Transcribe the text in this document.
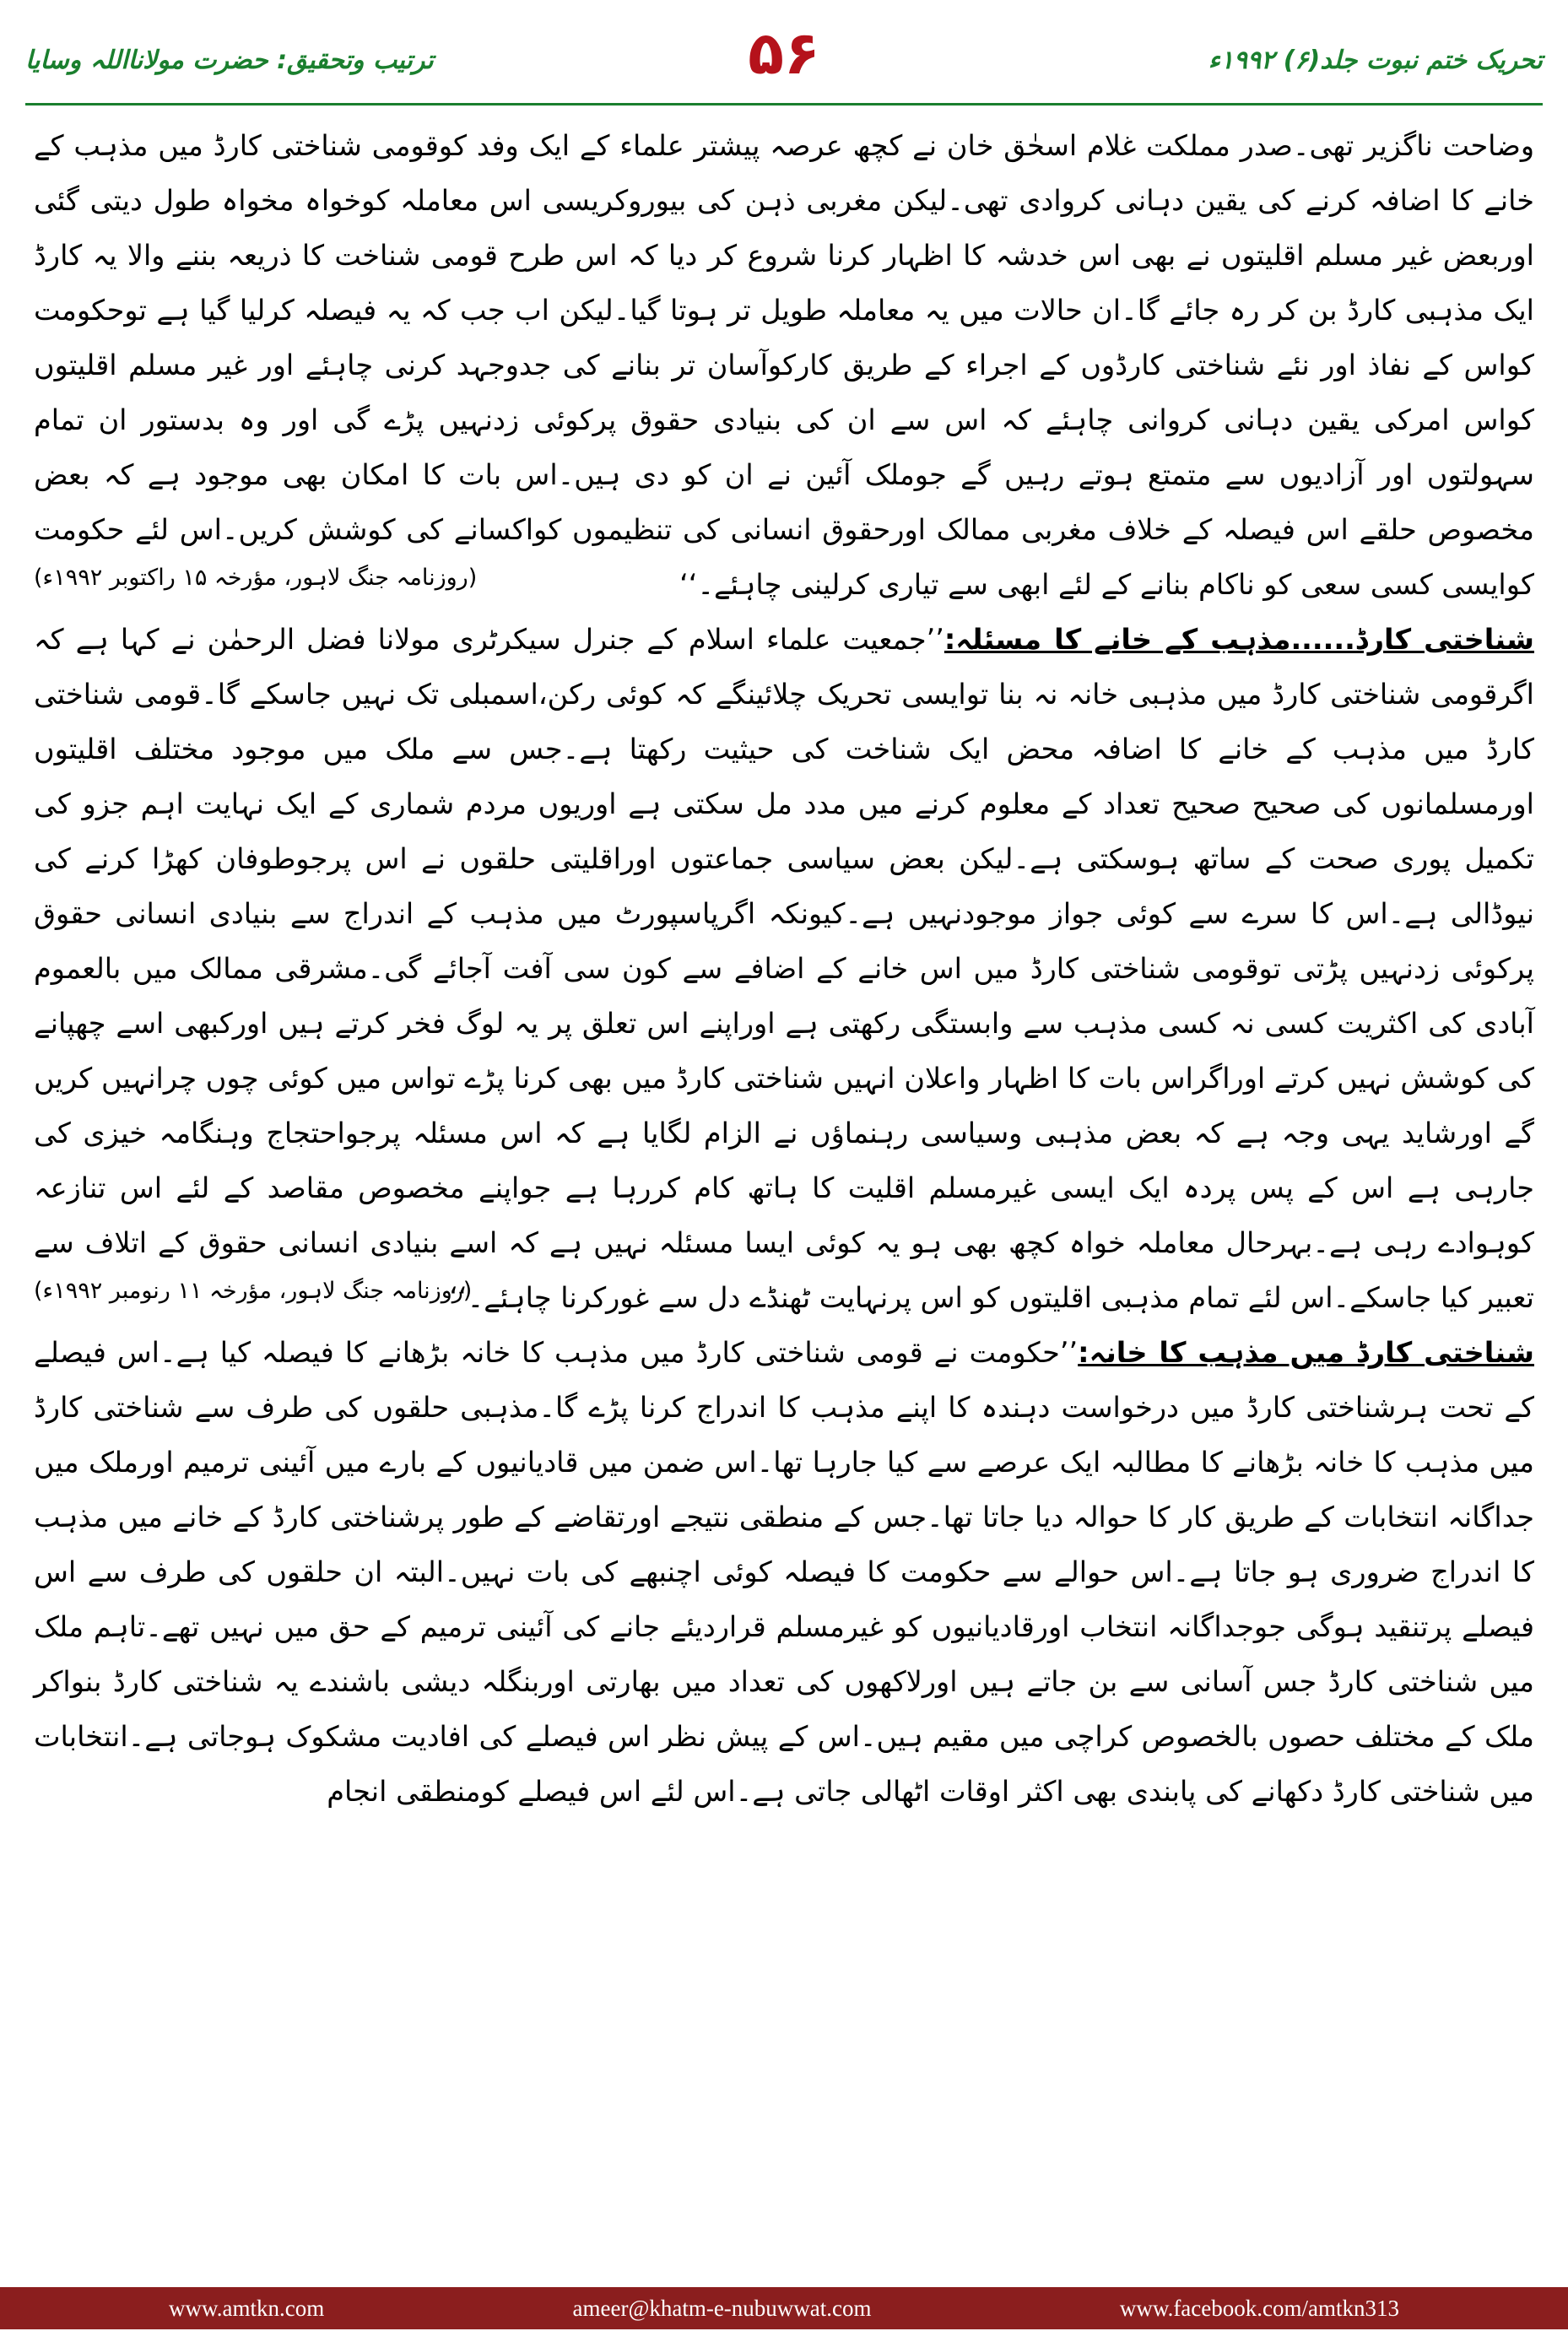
تحریک ختم نبوت جلد(۶) ۱۹۹۲ء
۵۶
ترتیب وتحقیق: حضرت مولانااللہ وسایا

وضاحت ناگزیر تھی۔صدر مملکت غلام اسحٰق خان نے کچھ عرصہ پیشتر علماء کے ایک وفد کوقومی شناختی کارڈ میں مذہب کے خانے کا اضافہ کرنے کی یقین دہانی کروادی تھی۔لیکن مغربی ذہن کی بیوروکریسی اس معاملہ کوخواہ مخواہ طول دیتی گئی اوربعض غیر مسلم اقلیتوں نے بھی اس خدشہ کا اظہار کرنا شروع کر دیا کہ اس طرح قومی شناخت کا ذریعہ بننے والا یہ کارڈ ایک مذہبی کارڈ بن کر رہ جائے گا۔ان حالات میں یہ معاملہ طویل تر ہوتا گیا۔لیکن اب جب کہ یہ فیصلہ کرلیا گیا ہے توحکومت کواس کے نفاذ اور نئے شناختی کارڈوں کے اجراء کے طریق کارکوآسان تر بنانے کی جدوجہد کرنی چاہئے اور غیر مسلم اقلیتوں کواس امرکی یقین دہانی کروانی چاہئے کہ اس سے ان کی بنیادی حقوق پرکوئی زدنہیں پڑے گی اور وہ بدستور ان تمام سہولتوں اور آزادیوں سے متمتع ہوتے رہیں گے جوملک آئین نے ان کو دی ہیں۔اس بات کا امکان بھی موجود ہے کہ بعض مخصوص حلقے اس فیصلہ کے خلاف مغربی ممالک اورحقوق انسانی کی تنظیموں کواکسانے کی کوشش کریں۔اس لئے حکومت کوایسی کسی سعی کو ناکام بنانے کے لئے ابھی سے تیاری کرلینی چاہئے۔‘‘

(روزنامہ جنگ لاہور، مؤرخہ ۱۵ راکتوبر ۱۹۹۲ء)

شناختی کارڈ......مذہب کے خانے کا مسئلہ:’’جمعیت علماء اسلام کے جنرل سیکرٹری مولانا فضل الرحمٰن نے کہا ہے کہ اگرقومی شناختی کارڈ میں مذہبی خانہ نہ بنا توایسی تحریک چلائینگے کہ کوئی رکن،اسمبلی تک نہیں جاسکے گا۔قومی شناختی کارڈ میں مذہب کے خانے کا اضافہ محض ایک شناخت کی حیثیت رکھتا ہے۔جس سے ملک میں موجود مختلف اقلیتوں اورمسلمانوں کی صحیح صحیح تعداد کے معلوم کرنے میں مدد مل سکتی ہے اوریوں مردم شماری کے ایک نہایت اہم جزو کی تکمیل پوری صحت کے ساتھ ہوسکتی ہے۔لیکن بعض سیاسی جماعتوں اوراقلیتی حلقوں نے اس پرجوطوفان کھڑا کرنے کی نیوڈالی ہے۔اس کا سرے سے کوئی جواز موجودنہیں ہے۔کیونکہ اگرپاسپورٹ میں مذہب کے اندراج سے بنیادی انسانی حقوق پرکوئی زدنہیں پڑتی توقومی شناختی کارڈ میں اس خانے کے اضافے سے کون سی آفت آجائے گی۔مشرقی ممالک میں بالعموم آبادی کی اکثریت کسی نہ کسی مذہب سے وابستگی رکھتی ہے اوراپنے اس تعلق پر یہ لوگ فخر کرتے ہیں اورکبھی اسے چھپانے کی کوشش نہیں کرتے اوراگراس بات کا اظہار واعلان انہیں شناختی کارڈ میں بھی کرنا پڑے تواس میں کوئی چوں چرانہیں کریں گے اورشاید یہی وجہ ہے کہ بعض مذہبی وسیاسی رہنماؤں نے الزام لگایا ہے کہ اس مسئلہ پرجواحتجاج وہنگامہ خیزی کی جارہی ہے اس کے پس پردہ ایک ایسی غیرمسلم اقلیت کا ہاتھ کام کررہا ہے جواپنے مخصوص مقاصد کے لئے اس تنازعہ کوہوادے رہی ہے۔بہرحال معاملہ خواہ کچھ بھی ہو یہ کوئی ایسا مسئلہ نہیں ہے کہ اسے بنیادی انسانی حقوق کے اتلاف سے تعبیر کیا جاسکے۔اس لئے تمام مذہبی اقلیتوں کو اس پرنہایت ٹھنڈے دل سے غورکرنا چاہئے۔‘‘

(روزنامہ جنگ لاہور، مؤرخہ ۱۱ رنومبر ۱۹۹۲ء)

شناختی کارڈ میں مذہب کا خانہ:’’حکومت نے قومی شناختی کارڈ میں مذہب کا خانہ بڑھانے کا فیصلہ کیا ہے۔اس فیصلے کے تحت ہرشناختی کارڈ میں درخواست دہندہ کا اپنے مذہب کا اندراج کرنا پڑے گا۔مذہبی حلقوں کی طرف سے شناختی کارڈ میں مذہب کا خانہ بڑھانے کا مطالبہ ایک عرصے سے کیا جارہا تھا۔اس ضمن میں قادیانیوں کے بارے میں آئینی ترمیم اورملک میں جداگانہ انتخابات کے طریق کار کا حوالہ دیا جاتا تھا۔جس کے منطقی نتیجے اورتقاضے کے طور پرشناختی کارڈ کے خانے میں مذہب کا اندراج ضروری ہو جاتا ہے۔اس حوالے سے حکومت کا فیصلہ کوئی اچنبھے کی بات نہیں۔البتہ ان حلقوں کی طرف سے اس فیصلے پرتنقید ہوگی جوجداگانہ انتخاب اورقادیانیوں کو غیرمسلم قراردیئے جانے کی آئینی ترمیم کے حق میں نہیں تھے۔تاہم ملک میں شناختی کارڈ جس آسانی سے بن جاتے ہیں اورلاکھوں کی تعداد میں بھارتی اوربنگلہ دیشی باشندے یہ شناختی کارڈ بنواکر ملک کے مختلف حصوں بالخصوص کراچی میں مقیم ہیں۔اس کے پیش نظر اس فیصلے کی افادیت مشکوک ہوجاتی ہے۔انتخابات میں شناختی کارڈ دکھانے کی پابندی بھی اکثر اوقات اٹھالی جاتی ہے۔اس لئے اس فیصلے کومنطقی انجام

www.amtkn.com	ameer@khatm-e-nubuwwat.com	www.facebook.com/amtkn313
